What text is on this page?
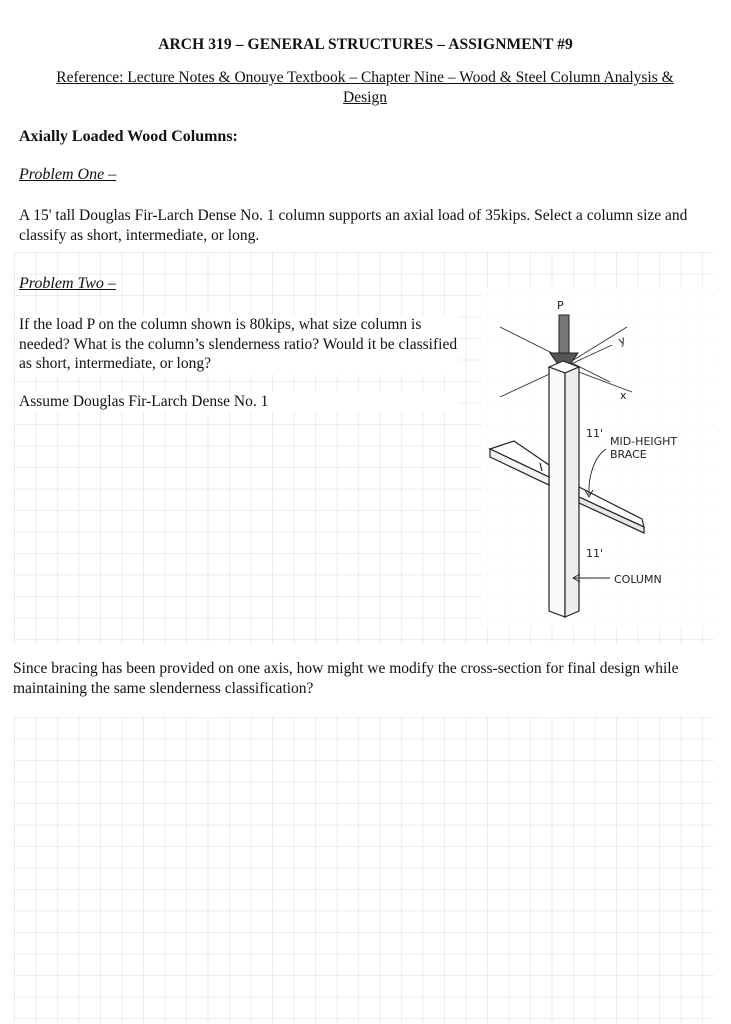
ARCH 319 – GENERAL STRUCTURES – ASSIGNMENT #9
Reference: Lecture Notes & Onouye Textbook – Chapter Nine – Wood & Steel Column Analysis & Design
Axially Loaded Wood Columns:
Problem One –
A 15' tall Douglas Fir-Larch Dense No. 1 column supports an axial load of 35kips. Select a column size and classify as short, intermediate, or long.
Problem Two –
If the load P on the column shown is 80kips, what size column is needed? What is the column’s slenderness ratio? Would it be classified as short, intermediate, or long?
Assume Douglas Fir-Larch Dense No. 1
P
y
x
11'
11'
MID-HEIGHT
BRACE
COLUMN
Since bracing has been provided on one axis, how might we modify the cross-section for final design while maintaining the same slenderness classification?
